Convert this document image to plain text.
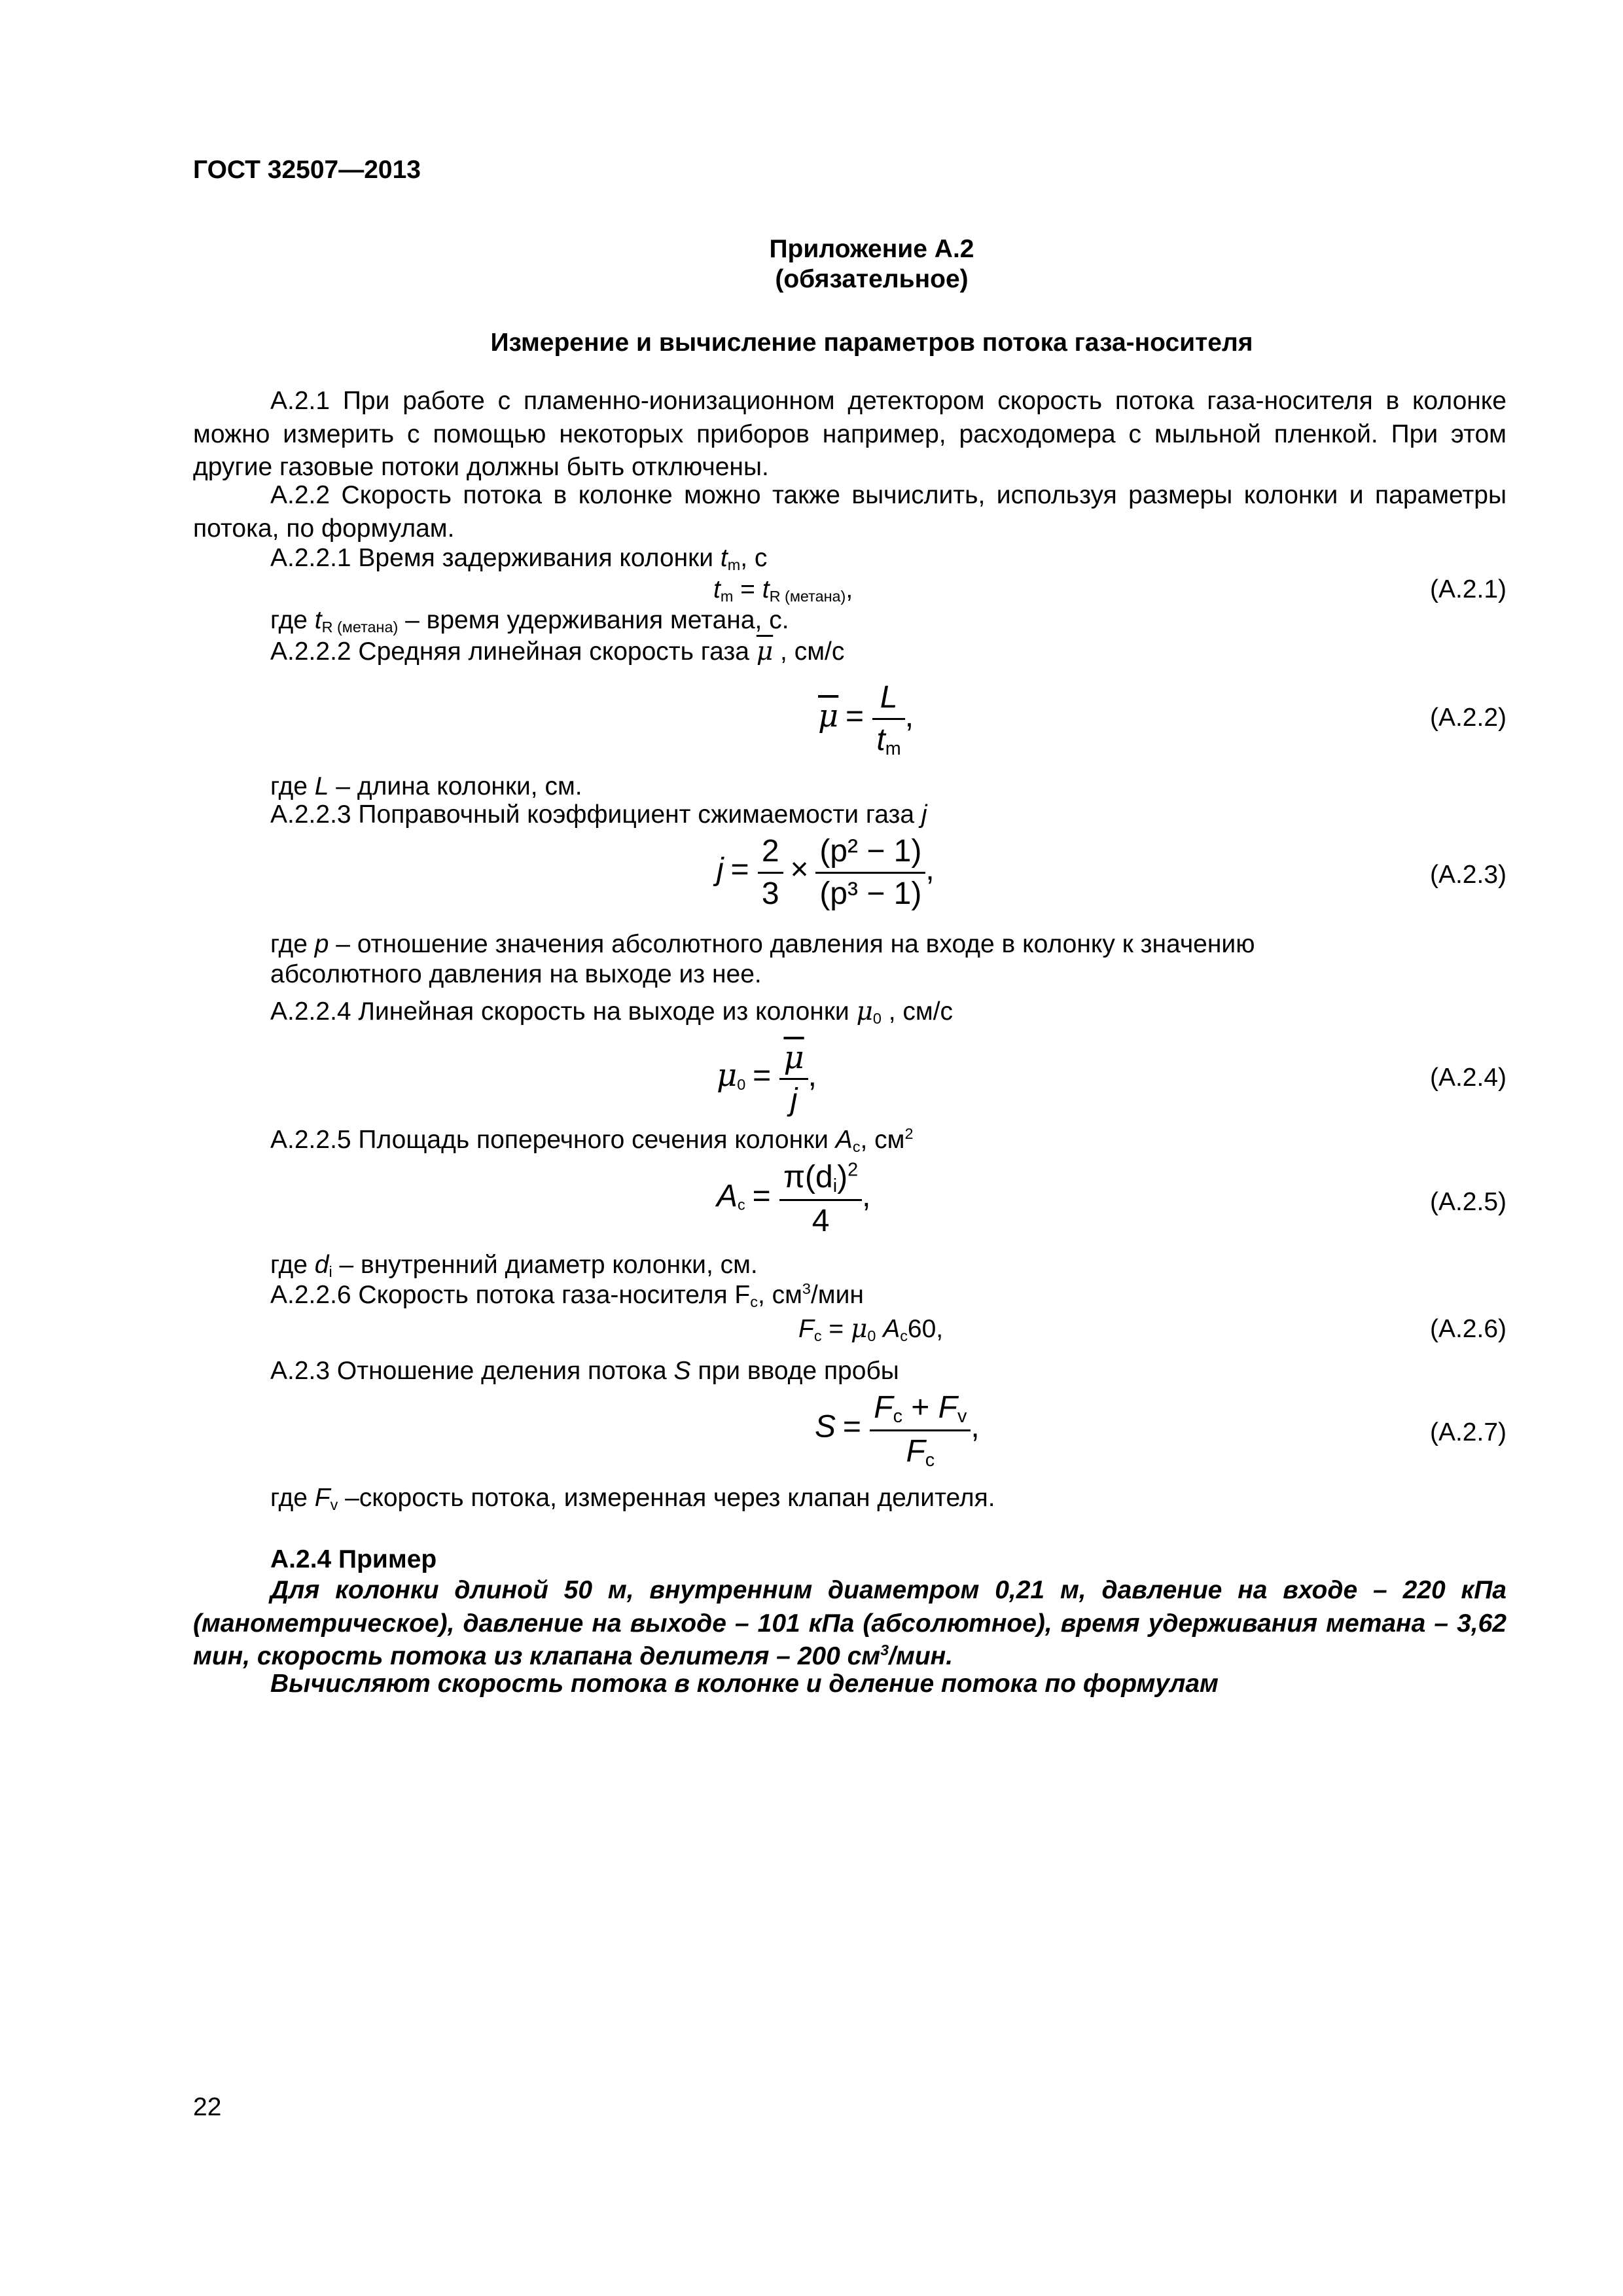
ГОСТ 32507—2013
Приложение А.2
(обязательное)
Измерение и вычисление параметров потока газа-носителя
А.2.1 При работе с пламенно-ионизационном детектором скорость потока газа-носителя в колонке можно измерить с помощью некоторых приборов например, расходомера с мыльной пленкой. При этом другие газовые потоки должны быть отключены.
А.2.2 Скорость потока в колонке можно также вычислить, используя размеры колонки и параметры потока, по формулам.
А.2.2.1 Время задерживания колонки $t_m$, с
$t_m = t_{R (метана)}$,	(А.2.1)
где $t_{R (метана)}$ – время удерживания метана, с.
А.2.2.2 Средняя линейная скорость газа $\overline{\mu}$ , см/с
$\overline{\mu} = \frac{L}{t_m}$ ,	(А.2.2)
где L – длина колонки, см.
А.2.2.3 Поправочный коэффициент сжимаемости газа j
$j = \frac{2}{3} \times \frac{\text{(p² − 1)}}{\text{(p³ − 1)}}$ ,	(А.2.3)
где p – отношение значения абсолютного давления на входе в колонку к значению
абсолютного давления на выходе из нее.
А.2.2.4 Линейная скорость на выходе из колонки $\mu_0$ , см/с
$\mu_0 = \frac{\overline{\mu}}{j}$ ,	(А.2.4)
А.2.2.5 Площадь поперечного сечения колонки $A_c$, $см^2$
$A_c = \frac{\pi(d_i)^2}{4}$ ,	(А.2.5)
где $d_i$ – внутренний диаметр колонки, см.
А.2.2.6 Скорость потока газа-носителя $F_c$, $см^3$/мин
$F_c = \mu_0$ $A_c60$,	(А.2.6)
А.2.3 Отношение деления потока S при вводе пробы
$S = \frac{F_c + F_v}{F_c}$ ,	(А.2.7)
где $F_v$ –скорость потока, измеренная через клапан делителя.
А.2.4 Пример
Для колонки длиной 50 м, внутренним диаметром 0,21 м, давление на входе – 220 кПа (манометрическое), давление на выходе – 101 кПа (абсолютное), время удерживания метана – 3,62 мин, скорость потока из клапана делителя – 200 $см^3$/мин.
Вычисляют скорость потока в колонке и деление потока по формулам
22
